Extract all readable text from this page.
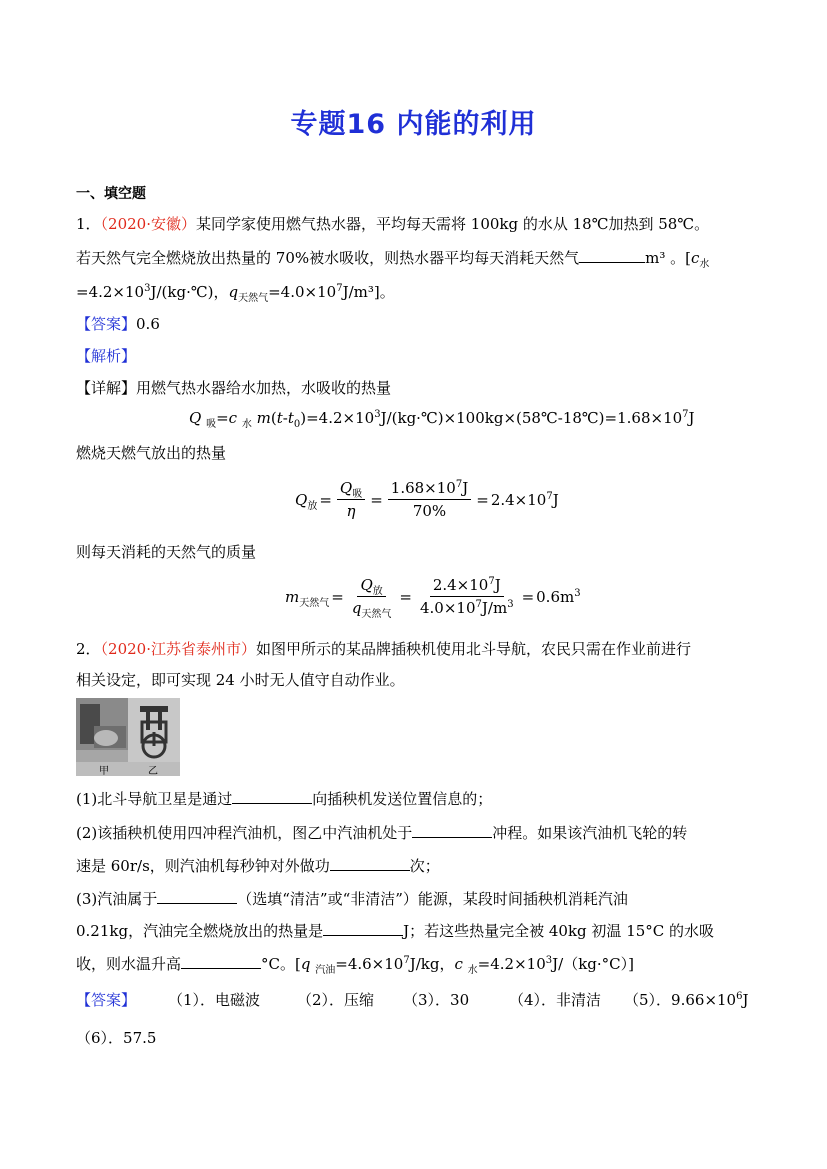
专题16 内能的利用
一、填空题
1．（2020·安徽）某同学家使用燃气热水器，平均每天需将 100kg 的水从 18℃加热到 58℃。
若天然气完全燃烧放出热量的 70%被水吸收，则热水器平均每天消耗天然气	m³ 。[$c_水$
$=4.2\times 10^3J/(kg\cdot℃)$，$q_{天然气}=4.0\times 10^7J/m^3$]。
【答案】0.6
【解析】
【详解】用燃气热水器给水加热，水吸收的热量
Q $_吸$=c $_水$ $m(t-t_0)=4.2\times 10^3J/(kg\cdot℃)\times 100kg\times(58℃-18℃)=1.68\times 10^7J$
燃烧天燃气放出的热量
$Q_放 = \frac{Q_吸}{\eta} = \frac{1.68\times 10^7J}{70\%} = 2.4\times 10^7J$
则每天消耗的天然气的质量
$m_{天然气} = \frac{Q_放}{q_{天然气}} = \frac{2.4\times 10^7J}{4.0\times 10^7J/m^3} = 0.6m^3$
2．（2020·江苏省泰州市）如图甲所示的某品牌插秧机使用北斗导航，农民只需在作业前进行
相关设定，即可实现 24 小时无人值守自动作业。
甲	乙
(1)北斗导航卫星是通过	向插秧机发送位置信息的；
(2)该插秧机使用四冲程汽油机，图乙中汽油机处于	冲程。如果该汽油机飞轮的转
速是 60r/s，则汽油机每秒钟对外做功	次；
(3)汽油属于	（选填“清洁”或“非清洁”）能源，某段时间插秧机消耗汽油
0.21kg，汽油完全燃烧放出的热量是	J；若这些热量完全被 40kg 初温 15°C 的水吸
收，则水温升高	°C。[q $_{汽油}=4.6\times 10^7J/kg$，c $_水=4.2\times 10^3J/(kg\cdot^\circ C)$]
【答案】 （1）．电磁波 （2）．压缩 （3）．30	（4）．非清洁 （5）．$9.66\times 10^6J$
（6）．57.5
